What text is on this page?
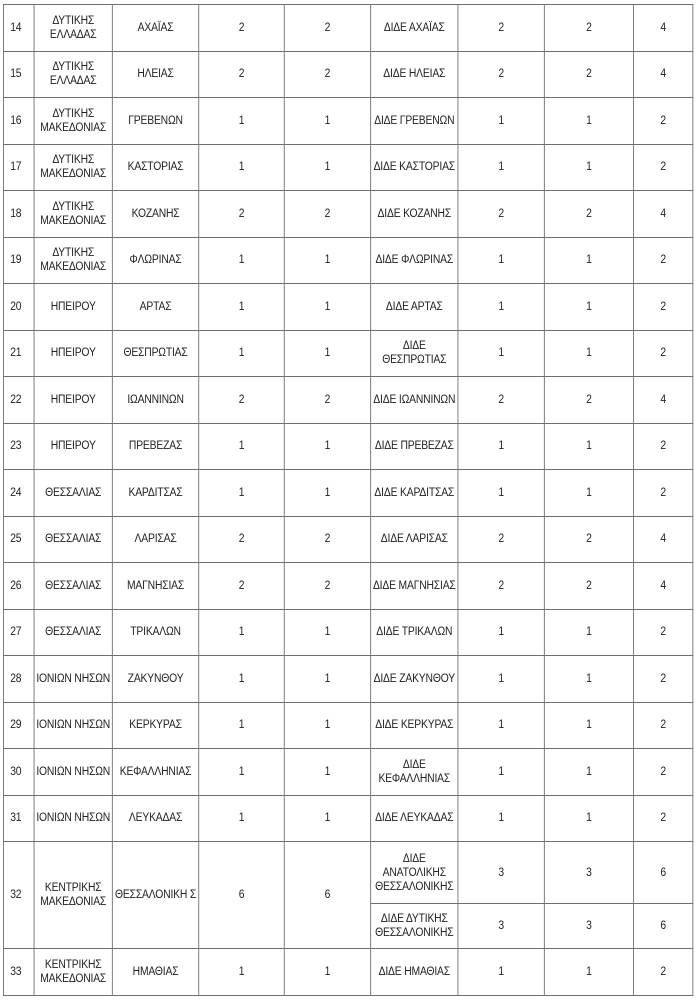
14	ΔΥΤΙΚΗΣ ΕΛΛΑΔΑΣ	ΑΧΑΪΑΣ	2	2	ΔΙΔΕ ΑΧΑΪΑΣ	2	2	4
15	ΔΥΤΙΚΗΣ ΕΛΛΑΔΑΣ	ΗΛΕΙΑΣ	2	2	ΔΙΔΕ ΗΛΕΙΑΣ	2	2	4
16	ΔΥΤΙΚΗΣ ΜΑΚΕΔΟΝΙΑΣ	ΓΡΕΒΕΝΩΝ	1	1	ΔΙΔΕ ΓΡΕΒΕΝΩΝ	1	1	2
17	ΔΥΤΙΚΗΣ ΜΑΚΕΔΟΝΙΑΣ	ΚΑΣΤΟΡΙΑΣ	1	1	ΔΙΔΕ ΚΑΣΤΟΡΙΑΣ	1	1	2
18	ΔΥΤΙΚΗΣ ΜΑΚΕΔΟΝΙΑΣ	ΚΟΖΑΝΗΣ	2	2	ΔΙΔΕ ΚΟΖΑΝΗΣ	2	2	4
19	ΔΥΤΙΚΗΣ ΜΑΚΕΔΟΝΙΑΣ	ΦΛΩΡΙΝΑΣ	1	1	ΔΙΔΕ ΦΛΩΡΙΝΑΣ	1	1	2
20	ΗΠΕΙΡΟΥ	ΑΡΤΑΣ	1	1	ΔΙΔΕ ΑΡΤΑΣ	1	1	2
21	ΗΠΕΙΡΟΥ	ΘΕΣΠΡΩΤΙΑΣ	1	1	ΔΙΔΕ ΘΕΣΠΡΩΤΙΑΣ	1	1	2
22	ΗΠΕΙΡΟΥ	ΙΩΑΝΝΙΝΩΝ	2	2	ΔΙΔΕ ΙΩΑΝΝΙΝΩΝ	2	2	4
23	ΗΠΕΙΡΟΥ	ΠΡΕΒΕΖΑΣ	1	1	ΔΙΔΕ ΠΡΕΒΕΖΑΣ	1	1	2
24	ΘΕΣΣΑΛΙΑΣ	ΚΑΡΔΙΤΣΑΣ	1	1	ΔΙΔΕ ΚΑΡΔΙΤΣΑΣ	1	1	2
25	ΘΕΣΣΑΛΙΑΣ	ΛΑΡΙΣΑΣ	2	2	ΔΙΔΕ ΛΑΡΙΣΑΣ	2	2	4
26	ΘΕΣΣΑΛΙΑΣ	ΜΑΓΝΗΣΙΑΣ	2	2	ΔΙΔΕ ΜΑΓΝΗΣΙΑΣ	2	2	4
27	ΘΕΣΣΑΛΙΑΣ	ΤΡΙΚΑΛΩΝ	1	1	ΔΙΔΕ ΤΡΙΚΑΛΩΝ	1	1	2
28	ΙΟΝΙΩΝ ΝΗΣΩΝ	ΖΑΚΥΝΘΟΥ	1	1	ΔΙΔΕ ΖΑΚΥΝΘΟΥ	1	1	2
29	ΙΟΝΙΩΝ ΝΗΣΩΝ	ΚΕΡΚΥΡΑΣ	1	1	ΔΙΔΕ ΚΕΡΚΥΡΑΣ	1	1	2
30	ΙΟΝΙΩΝ ΝΗΣΩΝ	ΚΕΦΑΛΛΗΝΙΑΣ	1	1	ΔΙΔΕ ΚΕΦΑΛΛΗΝΙΑΣ	1	1	2
31	ΙΟΝΙΩΝ ΝΗΣΩΝ	ΛΕΥΚΑΔΑΣ	1	1	ΔΙΔΕ ΛΕΥΚΑΔΑΣ	1	1	2
32	ΚΕΝΤΡΙΚΗΣ ΜΑΚΕΔΟΝΙΑΣ	ΘΕΣΣΑΛΟΝΙΚΗ Σ	6	6	ΔΙΔΕ ΑΝΑΤΟΛΙΚΗΣ ΘΕΣΣΑΛΟΝΙΚΗΣ	3	3	6
					ΔΙΔΕ ΔΥΤΙΚΗΣ ΘΕΣΣΑΛΟΝΙΚΗΣ	3	3	6
33	ΚΕΝΤΡΙΚΗΣ ΜΑΚΕΔΟΝΙΑΣ	ΗΜΑΘΙΑΣ	1	1	ΔΙΔΕ ΗΜΑΘΙΑΣ	1	1	2
